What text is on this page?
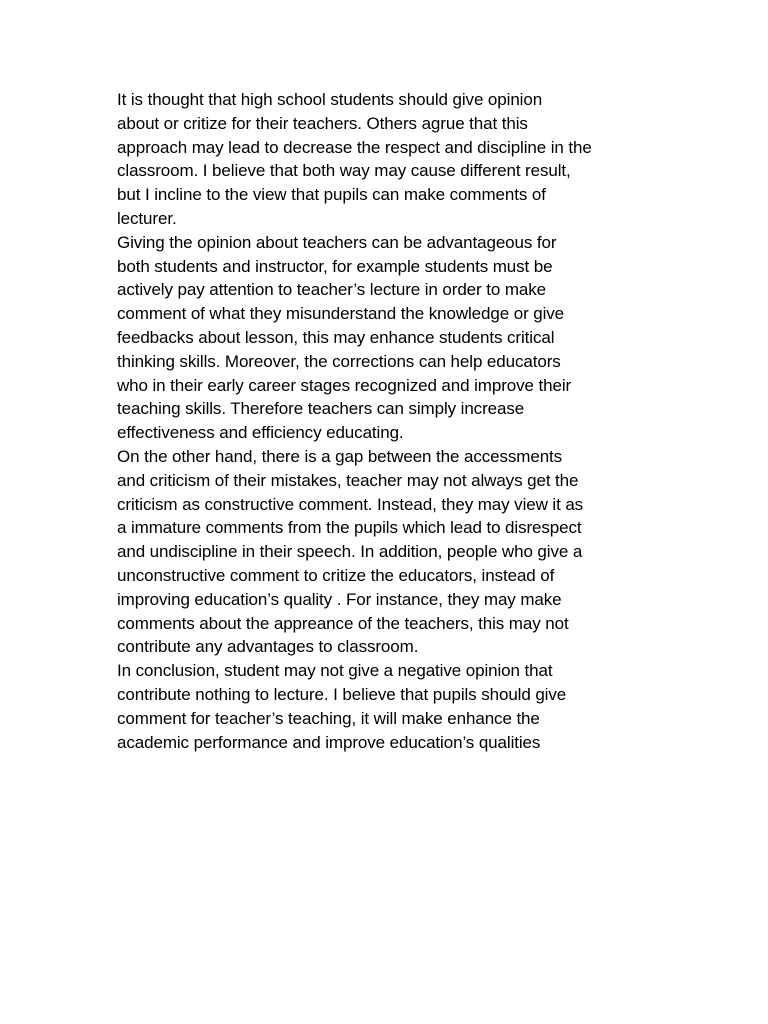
It is thought that high school students should give opinion
about or critize for their teachers. Others agrue that this
approach may lead to decrease the respect and discipline in the
classroom. I believe that both way may cause different result,
but I incline to the view that pupils can make comments of
lecturer.
Giving the opinion about teachers can be advantageous for
both students and instructor, for example students must be
actively pay attention to teacher’s lecture in order to make
comment of what they misunderstand the knowledge or give
feedbacks about lesson, this may enhance students critical
thinking skills. Moreover, the corrections can help educators
who in their early career stages recognized and improve their
teaching skills. Therefore teachers can simply increase
effectiveness and efficiency educating.
On the other hand, there is a gap between the accessments
and criticism of their mistakes, teacher may not always get the
criticism as constructive comment. Instead, they may view it as
a immature comments from the pupils which lead to disrespect
and undiscipline in their speech. In addition, people who give a
unconstructive comment to critize the educators, instead of
improving education’s quality . For instance, they may make
comments about the appreance of the teachers, this may not
contribute any advantages to classroom.
In conclusion, student may not give a negative opinion that
contribute nothing to lecture. I believe that pupils should give
comment for teacher’s teaching, it will make enhance the
academic performance and improve education’s qualities
